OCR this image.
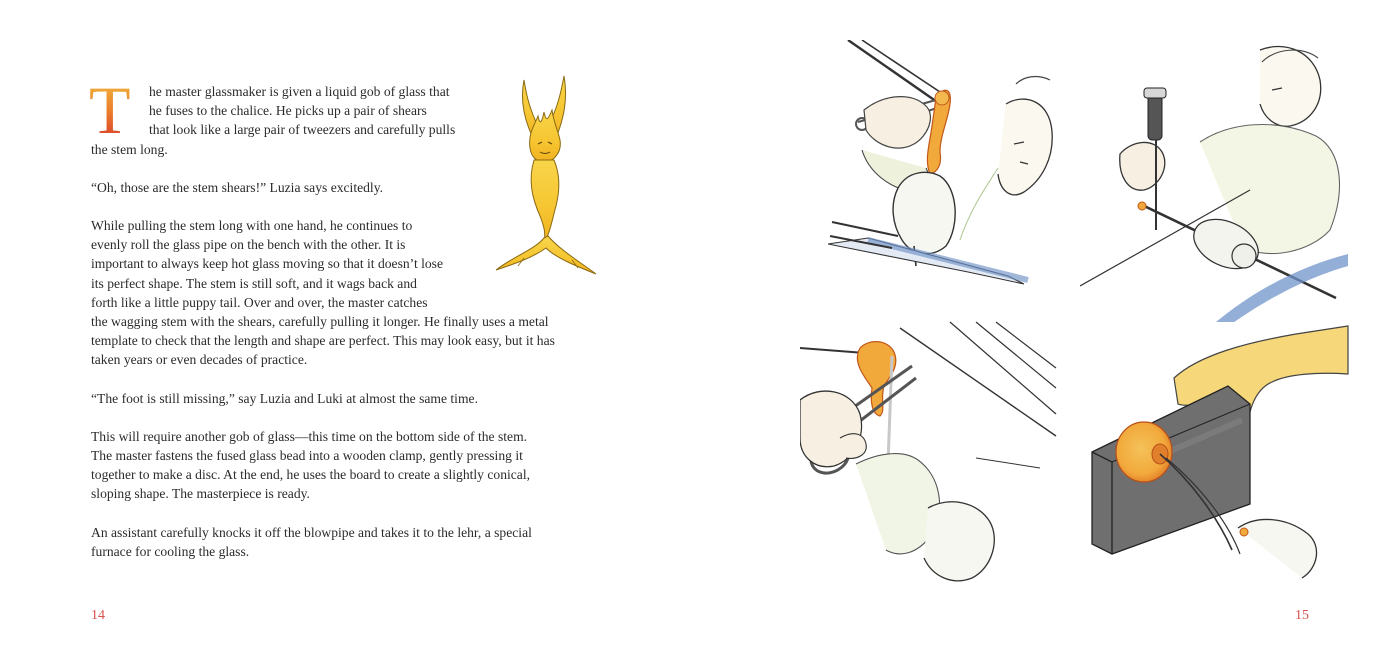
T	he master glassmaker is given a liquid gob of glass that
he fuses to the chalice. He picks up a pair of shears
that look like a large pair of tweezers and carefully pulls
the stem long.
“Oh, those are the stem shears!” Luzia says excitedly.
While pulling the stem long with one hand, he continues to
evenly roll the glass pipe on the bench with the other. It is
important to always keep hot glass moving so that it doesn’t lose
its perfect shape. The stem is still soft, and it wags back and
forth like a little puppy tail. Over and over, the master catches
the wagging stem with the shears, carefully pulling it longer. He finally uses a metal
template to check that the length and shape are perfect. This may look easy, but it has
taken years or even decades of practice.
“The foot is still missing,” say Luzia and Luki at almost the same time.
This will require another gob of glass—this time on the bottom side of the stem.
The master fastens the fused glass bead into a wooden clamp, gently pressing it
together to make a disc. At the end, he uses the board to create a slightly conical,
sloping shape. The masterpiece is ready.
An assistant carefully knocks it off the blowpipe and takes it to the lehr, a special
furnace for cooling the glass.
14	15
